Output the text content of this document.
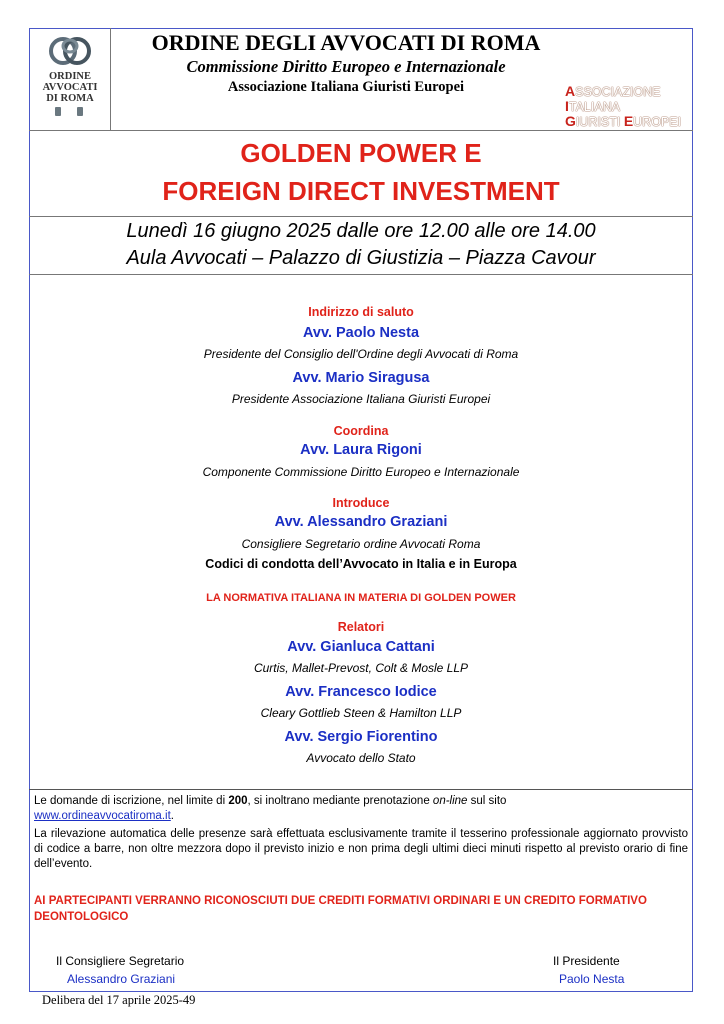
ORDINE
AVVOCATI
DI ROMA
ORDINE DEGLI AVVOCATI DI ROMA
Commissione Diritto Europeo e Internazionale
Associazione Italiana Giuristi Europei	ASSOCIAZIONE
ITALIANA
GIURISTI EUROPEI
GOLDEN POWER E
FOREIGN DIRECT INVESTMENT
Lunedì 16 giugno 2025 dalle ore 12.00 alle ore 14.00
Aula Avvocati – Palazzo di Giustizia – Piazza Cavour
Indirizzo di saluto
Avv. Paolo Nesta
Presidente del Consiglio dell'Ordine degli Avvocati di Roma
Avv. Mario Siragusa
Presidente Associazione Italiana Giuristi Europei
Coordina
Avv. Laura Rigoni
Componente Commissione Diritto Europeo e Internazionale
Introduce
Avv. Alessandro Graziani
Consigliere Segretario ordine Avvocati Roma
Codici di condotta dell’Avvocato in Italia e in Europa
LA NORMATIVA ITALIANA IN MATERIA DI GOLDEN POWER
Relatori
Avv. Gianluca Cattani
Curtis, Mallet-Prevost, Colt & Mosle LLP
Avv. Francesco Iodice
Cleary Gottlieb Steen & Hamilton LLP
Avv. Sergio Fiorentino
Avvocato dello Stato
Le domande di iscrizione, nel limite di 200, si inoltrano mediante prenotazione on-line sul sito
www.ordineavvocatiroma.it.
La rilevazione automatica delle presenze sarà effettuata esclusivamente tramite il tesserino professionale aggiornato provvisto di codice a barre, non oltre mezzora dopo il previsto inizio e non prima degli ultimi dieci minuti rispetto al previsto orario di fine dell’evento.
AI PARTECIPANTI VERRANNO RICONOSCIUTI DUE CREDITI FORMATIVI ORDINARI E UN CREDITO FORMATIVO DEONTOLOGICO
Il Consigliere Segretario
Alessandro Graziani
Il Presidente
Paolo Nesta
Delibera del 17 aprile 2025-49
